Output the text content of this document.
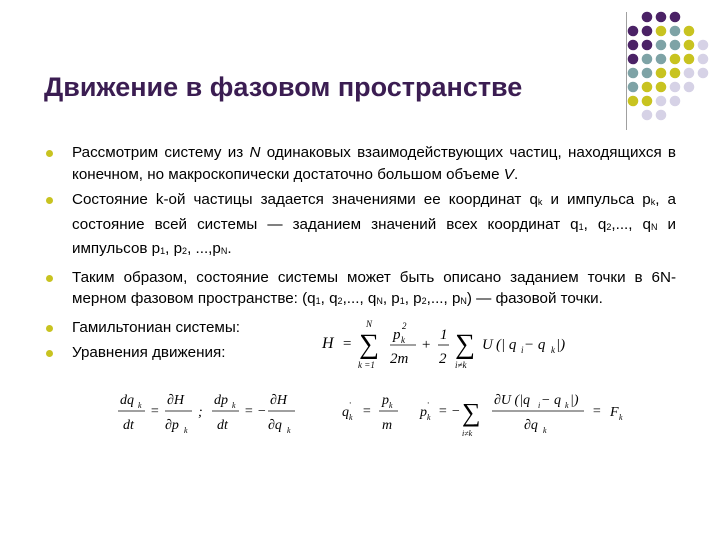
Движение в фазовом пространстве
Рассмотрим систему из N одинаковых взаимодействующих частиц, находящихся в конечном, но макроскопически достаточно большом объеме V.
Состояние k-ой частицы задается значениями ее координат $q_k$ и импульса $p_k$, а состояние всей системы — заданием значений всех координат $q_1$, $q_2$,..., $q_N$ и импульсов $p_1$, $p_2$, $...,p_N$.
Таким образом, состояние системы может быть описано заданием точки в 6N-мерном фазовом пространстве: ($q_1$, $q_2$,..., $q_N$, $p_1$, $p_2$,..., $p_N$) — фазовой точки.
Гамильтониан системы:
Уравнения движения:
H = ∑
N
k =1
p k
2
2m
+
1
2 ∑
i≠k
U (| q i − q k |)
dq k
dt
=
∂H
∂p k
;
dp k
dt
= −
∂H
∂q k
q k
·
=
p k
m
p k
·
= − ∑
i≠k
∂U (|q i − q k |)
∂q k
= F k
